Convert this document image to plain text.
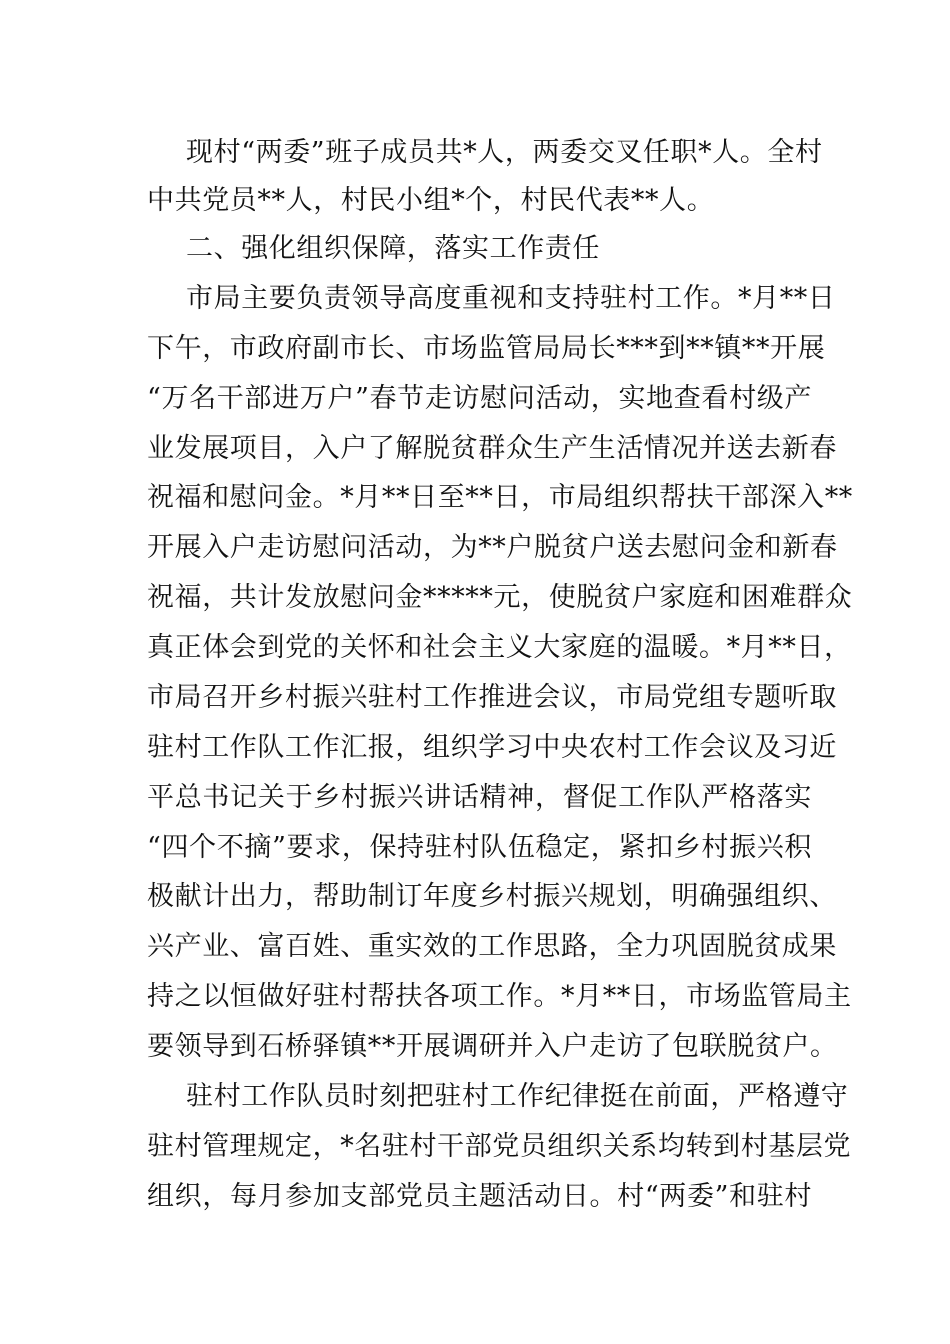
现村“两委”班子成员共*人，两委交叉任职*人。全村
中共党员**人，村民小组*个，村民代表**人。
二、强化组织保障，落实工作责任
市局主要负责领导高度重视和支持驻村工作。*月**日
下午，市政府副市长、市场监管局局长***到**镇**开展
“万名干部进万户”春节走访慰问活动，实地查看村级产
业发展项目，入户了解脱贫群众生产生活情况并送去新春
祝福和慰问金。*月**日至**日，市局组织帮扶干部深入**
开展入户走访慰问活动，为**户脱贫户送去慰问金和新春
祝福，共计发放慰问金*****元，使脱贫户家庭和困难群众
真正体会到党的关怀和社会主义大家庭的温暖。*月**日，
市局召开乡村振兴驻村工作推进会议，市局党组专题听取
驻村工作队工作汇报，组织学习中央农村工作会议及习近
平总书记关于乡村振兴讲话精神，督促工作队严格落实
“四个不摘”要求，保持驻村队伍稳定，紧扣乡村振兴积
极献计出力，帮助制订年度乡村振兴规划，明确强组织、
兴产业、富百姓、重实效的工作思路，全力巩固脱贫成果
持之以恒做好驻村帮扶各项工作。*月**日，市场监管局主
要领导到石桥驿镇**开展调研并入户走访了包联脱贫户。
驻村工作队员时刻把驻村工作纪律挺在前面，严格遵守
驻村管理规定，*名驻村干部党员组织关系均转到村基层党
组织，每月参加支部党员主题活动日。村“两委”和驻村
